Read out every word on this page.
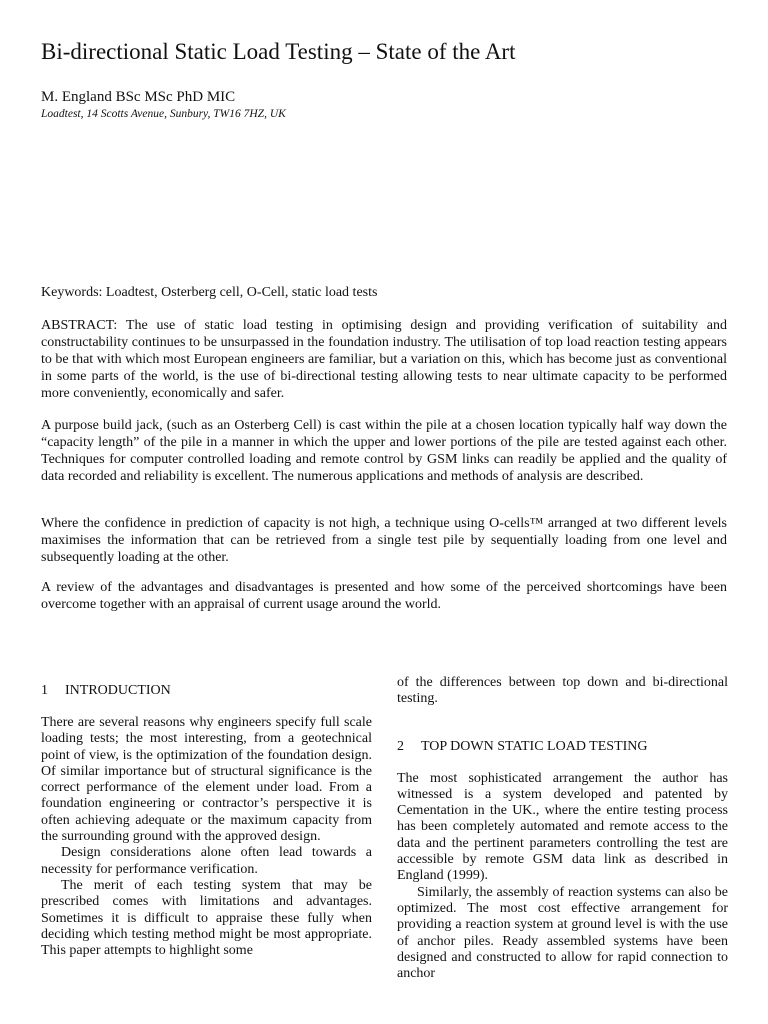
Bi-directional Static Load Testing – State of the Art
M. England BSc MSc PhD MIC
Loadtest, 14 Scotts Avenue, Sunbury, TW16 7HZ, UK

Keywords: Loadtest, Osterberg cell, O-Cell, static load tests

ABSTRACT: The use of static load testing in optimising design and providing verification of suitability and constructability continues to be unsurpassed in the foundation industry. The utilisation of top load reaction testing appears to be that with which most European engineers are familiar, but a variation on this, which has become just as conventional in some parts of the world, is the use of bi-directional testing allowing tests to near ultimate capacity to be performed more conveniently, economically and safer.

A purpose build jack, (such as an Osterberg Cell) is cast within the pile at a chosen location typically half way down the “capacity length” of the pile in a manner in which the upper and lower portions of the pile are tested against each other. Techniques for computer controlled loading and remote control by GSM links can readily be applied and the quality of data recorded and reliability is excellent. The numerous applications and methods of analysis are described.

Where the confidence in prediction of capacity is not high, a technique using O-cells™ arranged at two different levels maximises the information that can be retrieved from a single test pile by sequentially loading from one level and subsequently loading at the other.

A review of the advantages and disadvantages is presented and how some of the perceived shortcomings have been overcome together with an appraisal of current usage around the world.

1 INTRODUCTION

There are several reasons why engineers specify full scale loading tests; the most interesting, from a geotechnical point of view, is the optimization of the foundation design. Of similar importance but of structural significance is the correct performance of the element under load. From a foundation engineering or contractor’s perspective it is often achieving adequate or the maximum capacity from the surrounding ground with the approved design.

Design considerations alone often lead towards a necessity for performance verification.

The merit of each testing system that may be prescribed comes with limitations and advantages. Sometimes it is difficult to appraise these fully when deciding which testing method might be most appropriate. This paper attempts to highlight some

of the differences between top down and bi-directional testing.

2 TOP DOWN STATIC LOAD TESTING

The most sophisticated arrangement the author has witnessed is a system developed and patented by Cementation in the UK., where the entire testing process has been completely automated and remote access to the data and the pertinent parameters controlling the test are accessible by remote GSM data link as described in England (1999).

Similarly, the assembly of reaction systems can also be optimized. The most cost effective arrangement for providing a reaction system at ground level is with the use of anchor piles. Ready assembled systems have been designed and constructed to allow for rapid connection to anchor
